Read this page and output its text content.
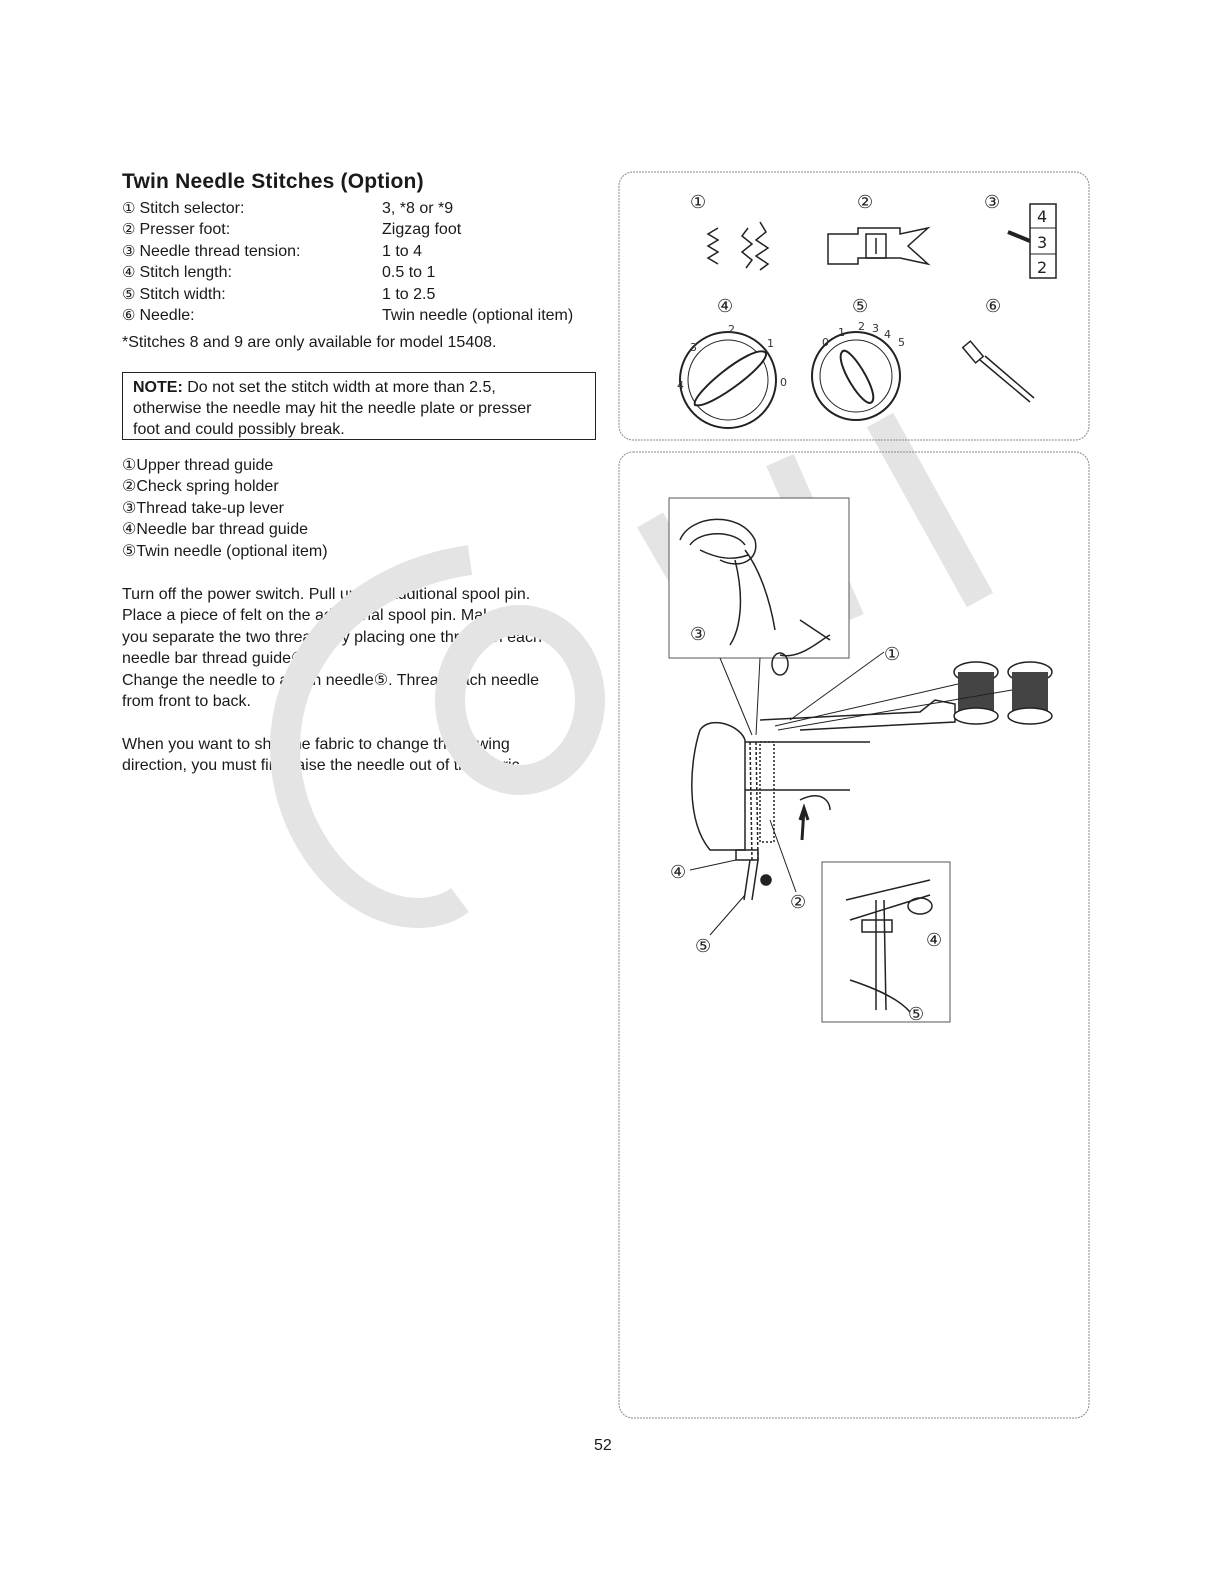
Twin Needle Stitches (Option)
① Stitch selector:	3, *8 or *9
② Presser foot:	Zigzag foot
③ Needle thread tension:	1 to 4
④ Stitch length:	0.5 to 1
⑤ Stitch width:	1 to 2.5
⑥ Needle:	Twin needle (optional item)
*Stitches 8 and 9 are only available for model 15408.
NOTE: Do not set the stitch width at more than 2.5,
otherwise the needle may hit the needle plate or presser
foot and could possibly break.
①Upper thread guide
②Check spring holder
③Thread take-up lever
④Needle bar thread guide
⑤Twin needle (optional item)

Turn off the power switch. Pull up the additional spool pin.

Place a piece of felt on the additional spool pin. Make sure

you separate the two threads by placing one thread in each

needle bar thread guide④.

Change the needle to a twin needle⑤. Thread each needle

from front to back.

When you want to shift the fabric to change the sewing

direction, you must first raise the needle out of the fabric.

①	②	③
④	⑤	⑥
4
3
2
4
3
2
1
0
0
1 2 3 4
5
③
①
④
②
⑤	④
⑤
52
